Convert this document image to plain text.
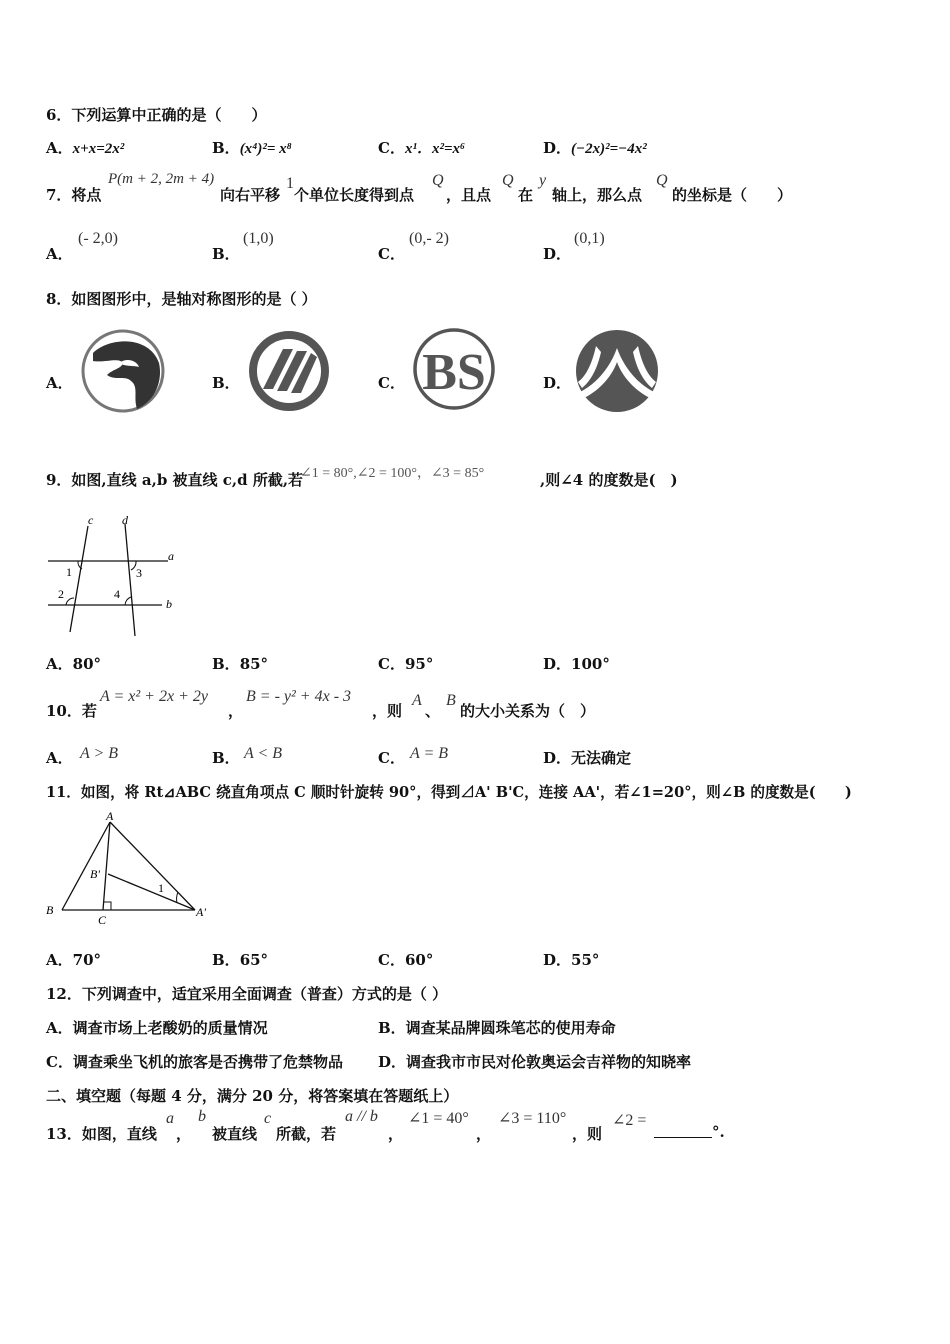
6．下列运算中正确的是（　　）
A．x+x=2x²	B．(x⁴)²= x⁸	C．x¹．x²=x⁶	D．(−2x)²=−4x²
7．将点
P(m + 2, 2m + 4)
向右平移
1
个单位长度得到点
Q
，且点
Q
在
y
轴上，那么点
Q
的坐标是（　　）
A．
(- 2,0)
B．
(1,0)
C．
(0,- 2)
D．
(0,1)
8．如图图形中，是轴对称图形的是（ ）
A．	B．	C． BS	D．
9．如图,直线 a,b 被直线 c,d 所截,若
∠1 = 80°,∠2 = 100°，∠3 = 85°	,则∠4 的度数是(　)
c d
a
b
1
2
3
4
A．80°	B．85°	C．95°	D．100°
10．若
A = x² + 2x + 2y
，
B = - y² + 4x - 3
，则
A
、
B
的大小关系为（　）
A． A > B	B． A < B	C． A = B	D．无法确定
11．如图，将 Rt⊿ABC 绕直角项点 C 顺时针旋转 90°，得到⊿A' B'C，连接 AA'，若∠1=20°，则∠B 的度数是(　　)
A
B
C
B'
A'
1
A．70°	B．65°	C．60°	D．55°
12．下列调查中，适宜采用全面调查（普查）方式的是（ ）
A．调查市场上老酸奶的质量情况	B．调查某品牌圆珠笔芯的使用寿命
C．调查乘坐飞机的旅客是否携带了危禁物品 D．调查我市市民对伦敦奥运会吉祥物的知晓率
二、填空题（每题 4 分，满分 20 分，将答案填在答题纸上）
13．如图，直线
a
，
b
被直线
c
所截，若
a // b
，
∠1 = 40°
，
∠3 = 110°
，则
∠2 =
°.
